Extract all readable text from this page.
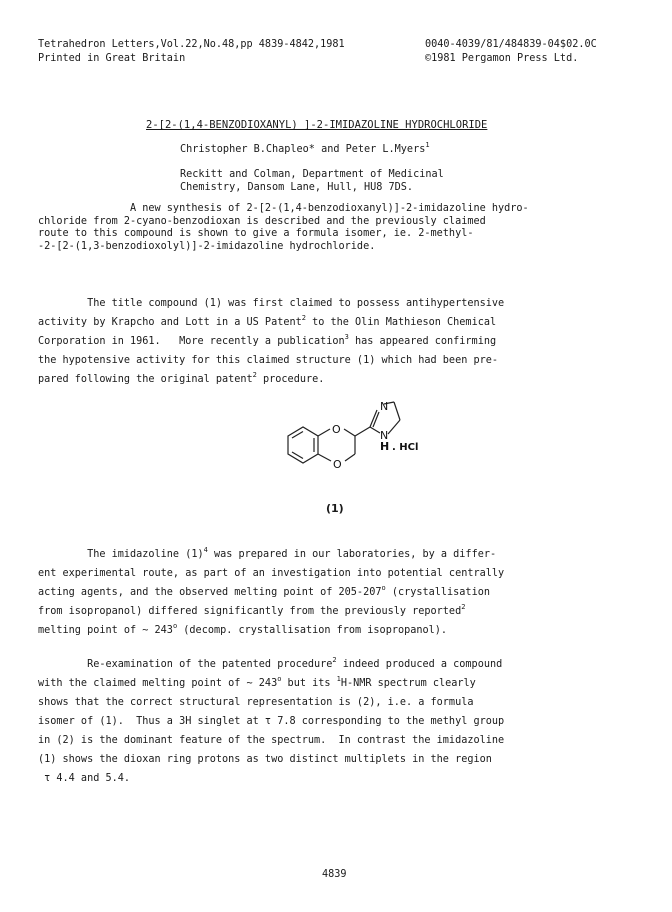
Tetrahedron Letters,Vol.22,No.48,pp 4839-4842,1981
Printed in Great Britain
0040-4039/81/484839-04$02.0C
©1981 Pergamon Press Ltd.
2-[2-(1,4-BENZODIOXANYL) ]-2-IMIDAZOLINE HYDROCHLORIDE
Christopher B.Chapleo* and Peter L.Myers$^1$
Reckitt and Colman, Department of Medicinal
Chemistry, Dansom Lane, Hull, HU8 7DS.
A new synthesis of 2-[2-(1,4-benzodioxanyl)]-2-imidazoline hydro-
chloride from 2-cyano-benzodioxan is described and the previously claimed
route to this compound is shown to give a formula isomer, ie. 2-methyl-
-2-[2-(1,3-benzodioxolyl)]-2-imidazoline hydrochloride.
The title compound (1) was first claimed to possess antihypertensive
activity by Krapcho and Lott in a US Patent$^2$ to the Olin Mathieson Chemical
Corporation in 1961.   More recently a publication$^3$ has appeared confirming
the hypotensive activity for this claimed structure (1) which had been pre-
pared following the original patent$^2$ procedure.
The imidazoline $(1)^4$ was prepared in our laboratories, by a differ-
ent experimental route, as part of an investigation into potential centrally
acting agents, and the observed melting point of 205-207$^o$ (crystallisation
from isopropanol) differed significantly from the previously reported$^2$
melting point of ~ 243$^o$ (decomp. crystallisation from isopropanol).
Re-examination of the patented procedure$^2$ indeed produced a compound
with the claimed melting point of ~ 243$^o$ but its $^1$H-NMR spectrum clearly
shows that the correct structural representation is (2), i.e. a formula
isomer of (1).  Thus a 3H singlet at τ 7.8 corresponding to the methyl group
in (2) is the dominant feature of the spectrum.  In contrast the imidazoline
(1) shows the dioxan ring protons as two distinct multiplets in the region
τ 4.4 and 5.4.
N
N
H . HCl
O
O
(1)
4839
